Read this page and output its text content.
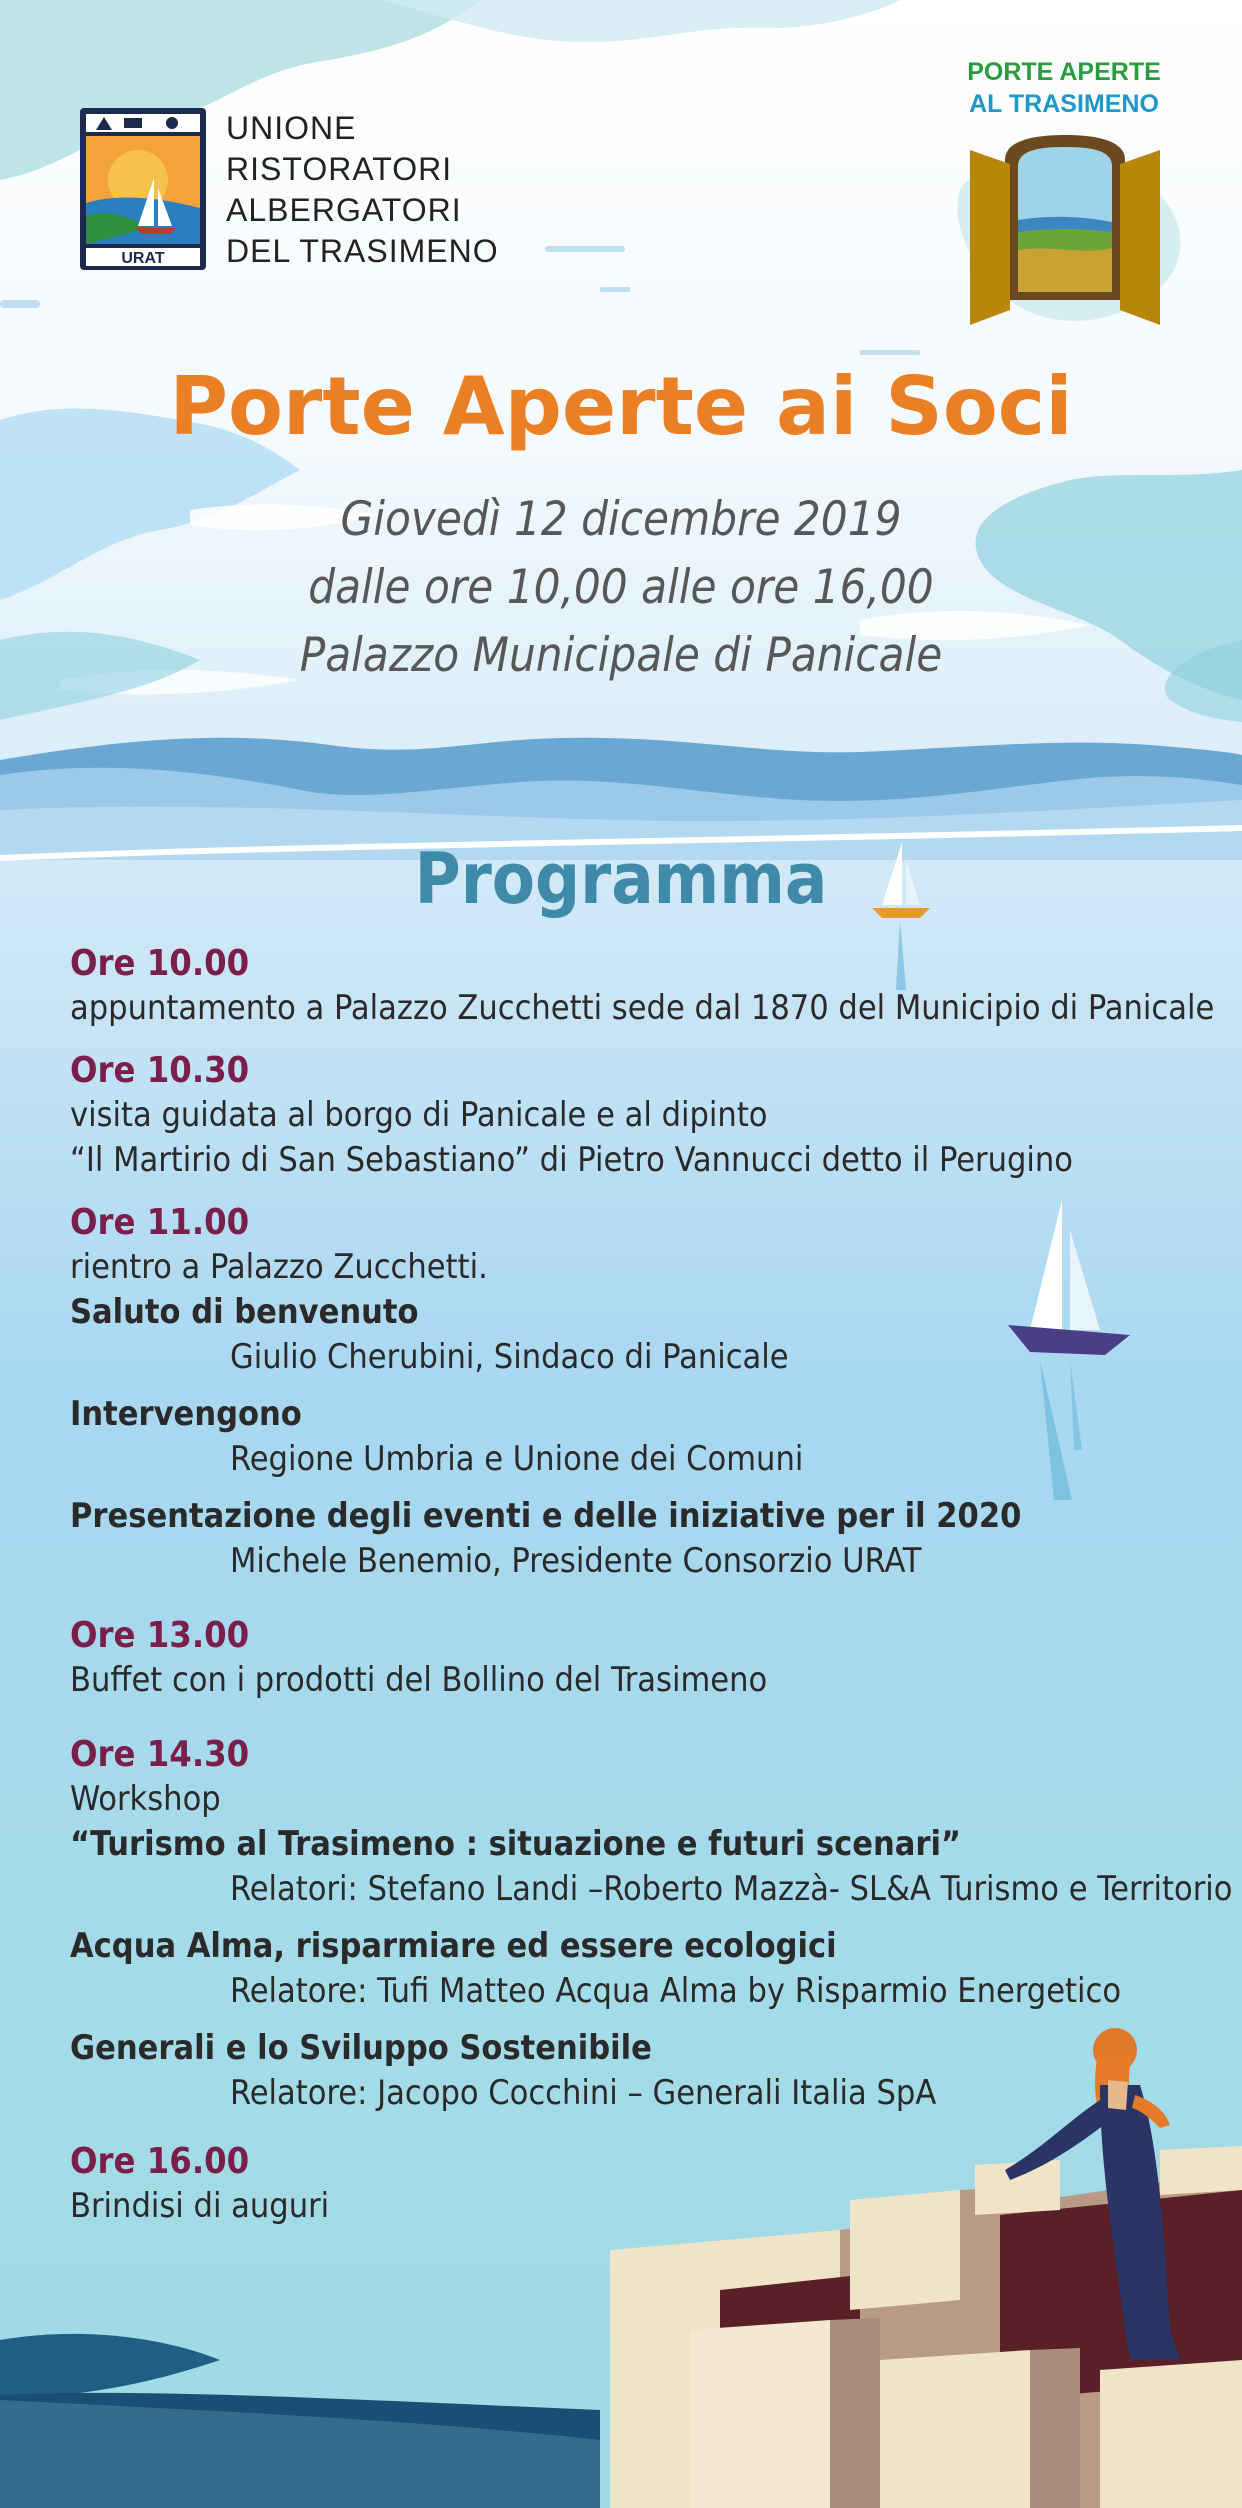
URAT
UNIONE
RISTORATORI
ALBERGATORI
DEL TRASIMENO
PORTE APERTE
AL TRASIMENO
Porte Aperte ai Soci
Giovedì 12 dicembre 2019
dalle ore 10,00 alle ore 16,00
Palazzo Municipale di Panicale
Programma
Ore 10.00
appuntamento a Palazzo Zucchetti sede dal 1870 del Municipio di Panicale
Ore 10.30
visita guidata al borgo di Panicale e al dipinto
“Il Martirio di San Sebastiano” di Pietro Vannucci detto il Perugino
Ore 11.00
rientro a Palazzo Zucchetti.
Saluto di benvenuto
Giulio Cherubini, Sindaco di Panicale
Intervengono
Regione Umbria e Unione dei Comuni
Presentazione degli eventi e delle iniziative per il 2020
Michele Benemio, Presidente Consorzio URAT
Ore 13.00
Buffet con i prodotti del Bollino del Trasimeno
Ore 14.30
Workshop
“Turismo al Trasimeno : situazione e futuri scenari”
Relatori: Stefano Landi –Roberto Mazzà- SL&A Turismo e Territorio
Acqua Alma, risparmiare ed essere ecologici
Relatore: Tufi Matteo Acqua Alma by Risparmio Energetico
Generali e lo Sviluppo Sostenibile
Relatore: Jacopo Cocchini – Generali Italia SpA
Ore 16.00
Brindisi di auguri
